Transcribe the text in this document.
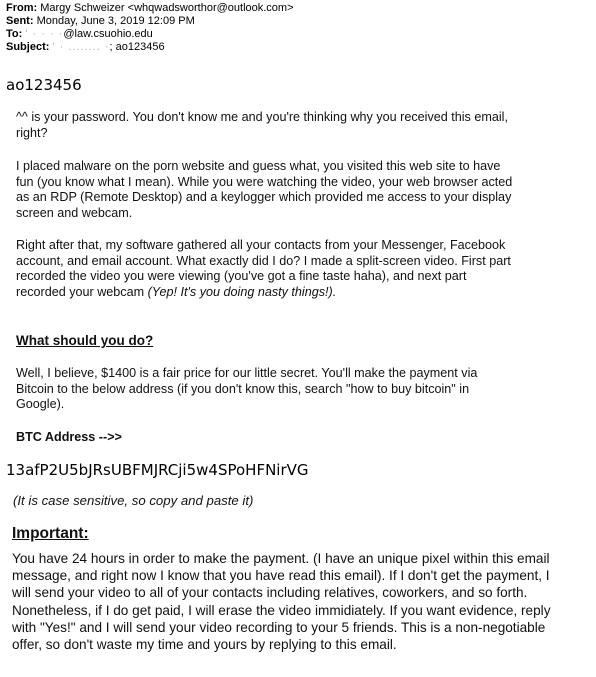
From: Margy Schweizer <whqwadsworthor@outlook.com>
Sent: Monday, June 3, 2019 12:09 PM
To: ' · · · ·@law.csuohio.edu
Subject: ' · ........ ·; ao123456
ao123456
^^ is your password. You don't know me and you're thinking why you received this email, right?
I placed malware on the porn website and guess what, you visited this web site to have fun (you know what I mean). While you were watching the video, your web browser acted as an RDP (Remote Desktop) and a keylogger which provided me access to your display screen and webcam.
Right after that, my software gathered all your contacts from your Messenger, Facebook account, and email account. What exactly did I do? I made a split-screen video. First part recorded the video you were viewing (you've got a fine taste haha), and next part recorded your webcam (Yep! It's you doing nasty things!).
What should you do?
Well, I believe, $1400 is a fair price for our little secret. You'll make the payment via Bitcoin to the below address (if you don't know this, search "how to buy bitcoin" in Google).
BTC Address -->>
13afP2U5bJRsUBFMJRCji5w4SPoHFNirVG
(It is case sensitive, so copy and paste it)
Important:
You have 24 hours in order to make the payment. (I have an unique pixel within this email message, and right now I know that you have read this email). If I don't get the payment, I will send your video to all of your contacts including relatives, coworkers, and so forth. Nonetheless, if I do get paid, I will erase the video immidiately. If you want evidence, reply with "Yes!" and I will send your video recording to your 5 friends. This is a non-negotiable offer, so don't waste my time and yours by replying to this email.
